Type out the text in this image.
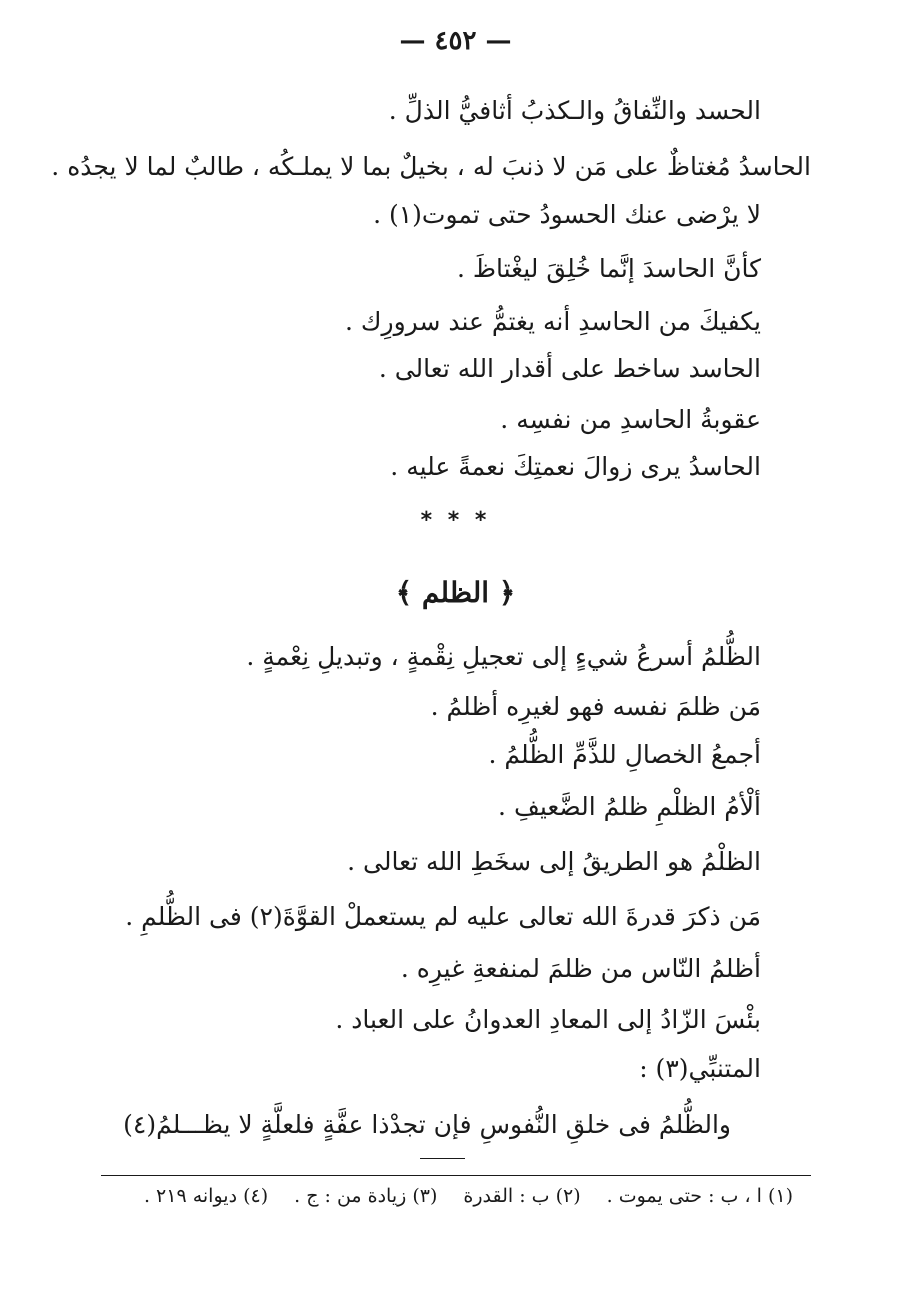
— ٤٥٢ —
الحسد والنِّفاقُ والـكذبُ أثافيُّ الذلِّ .
الحاسدُ مُغتاظٌ على مَن لا ذنبَ له ، بخيلٌ بما لا يملـكُه ، طالبٌ لما لا يجدُه .
لا يرْضى عنك الحسودُ حتى تموت(١) .
كأنَّ الحاسدَ إنَّما خُلِقَ ليغْتاظَ .
يكفيكَ من الحاسدِ أنه يغتمُّ عند سرورِك .
الحاسد ساخط على أقدار الله تعالى .
عقوبةُ الحاسدِ من نفسِه .
الحاسدُ يرى زوالَ نعمتِكَ نعمةً عليه .
* * *
﴿ الظلم ﴾
الظُّلمُ أسرعُ شيءٍ إلى تعجيلِ نِقْمةٍ ، وتبديلِ نِعْمةٍ .
مَن ظلمَ نفسه فهو لغيرِه أظلمُ .
أجمعُ الخصالِ للذَّمِّ الظُّلمُ .
ألْأمُ الظلْمِ ظلمُ الضَّعيفِ .
الظلْمُ هو الطريقُ إلى سخَطِ الله تعالى .
مَن ذكرَ قدرةَ الله تعالى عليه لم يستعملْ القوَّةَ(٢) فى الظُّلمِ .
أظلمُ النّاس من ظلمَ لمنفعةِ غيرِه .
بئْسَ الزّادُ إلى المعادِ العدوانُ على العباد .
المتنبِّي(٣) :
والظُّلمُ فى خلقِ النُّفوسِ فإن تجدْ
ذا عفَّةٍ فلعلَّةٍ لا يظـــلمُ(٤)
(١) ا ، ب : حتى يموت .
(٢) ب : القدرة
(٣) زيادة من : ج .
(٤) ديوانه ٢١٩ .
